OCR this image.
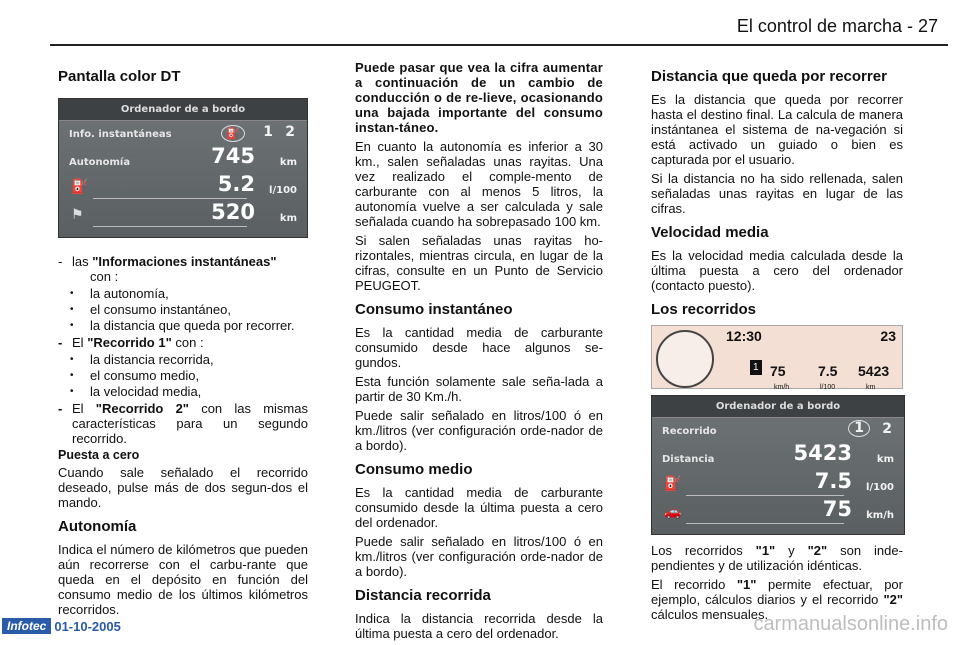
El control de marcha - 27
Pantalla color DT
Ordenador de a bordo
Info. instantáneas	⛽	1 2
Autonomía	745 km
⛽	5.2 l/100
⚑	520 km
- las "Informaciones instantáneas"
con :
• la autonomía,
• el consumo instantáneo,
• la distancia que queda por recorrer.
- El "Recorrido 1" con :
• la distancia recorrida,
• el consumo medio,
• la velocidad media,
- El "Recorrido 2" con las mismas características para un segundo recorrido.
Puesta a cero

Cuando sale señalado el recorrido deseado, pulse más de dos segun-dos el mando.

Autonomía

Indica el número de kilómetros que pueden aún recorrerse con el carbu-rante que queda en el depósito en función del consumo medio de los últimos kilómetros recorridos.

Puede pasar que vea la cifra aumentar a continuación de un cambio de conducción o de re-lieve, ocasionando una bajada importante del consumo instan-táneo.

En cuanto la autonomía es inferior a 30 km., salen señaladas unas rayitas. Una vez realizado el comple-mento de carburante con al menos 5 litros, la autonomía vuelve a ser calculada y sale señalada cuando ha sobrepasado 100 km.

Si salen señaladas unas rayitas ho-rizontales, mientras circula, en lugar de la cifras, consulte en un Punto de Servicio PEUGEOT.

Consumo instantáneo

Es la cantidad media de carburante consumido desde hace algunos se-gundos.

Esta función solamente sale seña-lada a partir de 30 Km./h.

Puede salir señalado en litros/100 ó en km./litros (ver configuración orde-nador de a bordo).

Consumo medio

Es la cantidad media de carburante consumido desde la última puesta a cero del ordenador.

Puede salir señalado en litros/100 ó en km./litros (ver configuración orde-nador de a bordo).

Distancia recorrida

Indica la distancia recorrida desde la última puesta a cero del ordenador.

Distancia que queda por recorrer

Es la distancia que queda por recorrer hasta el destino final. La calcula de manera instántanea el sistema de na-vegación si está activado un guiado o bien es capturada por el usuario.

Si la distancia no ha sido rellenada, salen señaladas unas rayitas en lugar de las cifras.

Velocidad media

Es la velocidad media calculada desde la última puesta a cero del ordenador (contacto puesto).

Los recorridos
12:30	23
1 75
km/h
7.5
l/100
5423
km
Ordenador de a bordo
Recorrido	1	2
Distancia	5423 km
⛽	7.5 l/100
🚗	75 km/h

Los recorridos "1" y "2" son inde-pendientes y de utilización idénticas.

El recorrido "1" permite efectuar, por ejemplo, cálculos diarios y el recorrido "2" cálculos mensuales.

Infotec 01-10-2005	carmanualsonline.info
